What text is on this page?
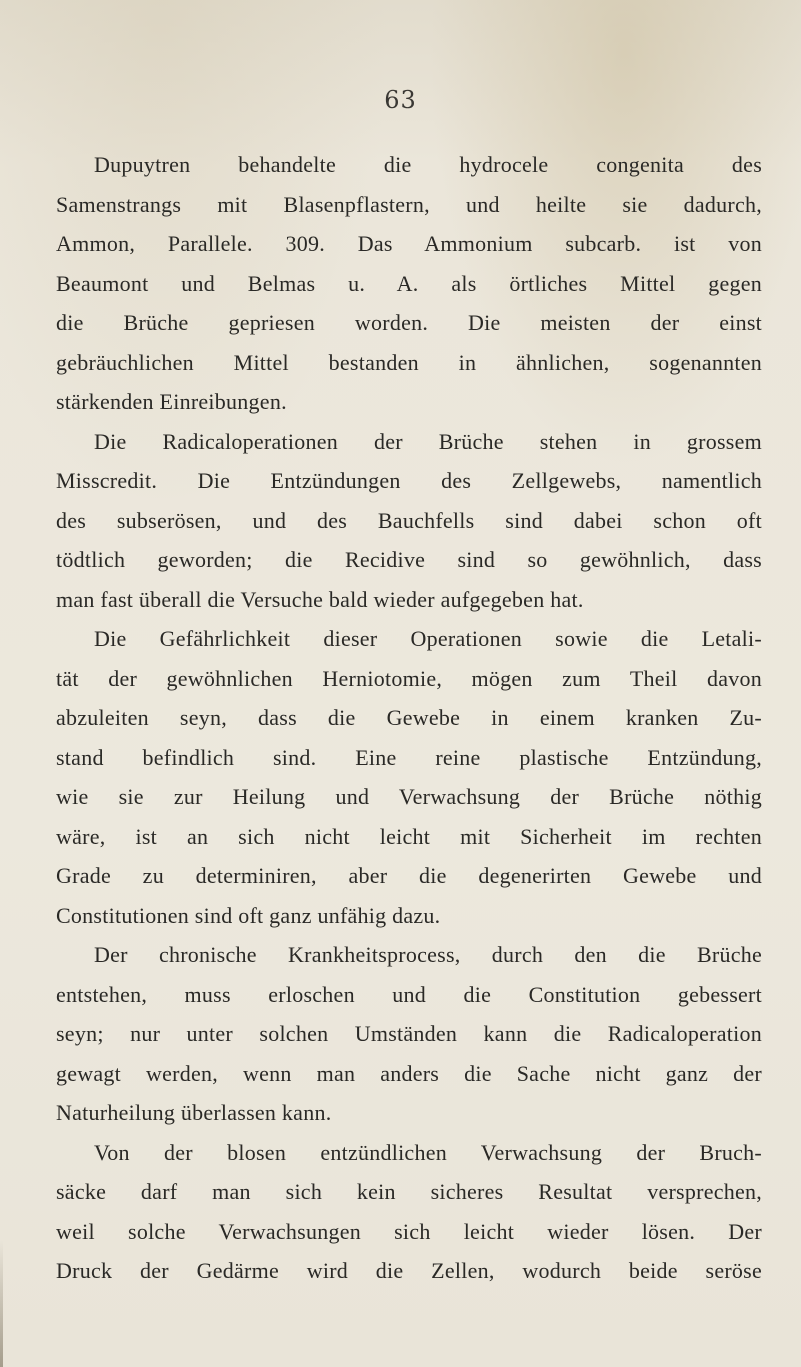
63
Dupuytren behandelte die hydrocele congenita des
Samenstrangs mit Blasenpflastern, und heilte sie dadurch,
Ammon, Parallele. 309. Das Ammonium subcarb. ist von
Beaumont und Belmas u. A. als örtliches Mittel gegen
die Brüche gepriesen worden. Die meisten der einst
gebräuchlichen Mittel bestanden in ähnlichen, sogenannten
stärkenden Einreibungen.
Die Radicaloperationen der Brüche stehen in grossem
Misscredit. Die Entzündungen des Zellgewebs, namentlich
des subserösen, und des Bauchfells sind dabei schon oft
tödtlich geworden; die Recidive sind so gewöhnlich, dass
man fast überall die Versuche bald wieder aufgegeben hat.
Die Gefährlichkeit dieser Operationen sowie die Letali-
tät der gewöhnlichen Herniotomie, mögen zum Theil davon
abzuleiten seyn, dass die Gewebe in einem kranken Zu-
stand befindlich sind. Eine reine plastische Entzündung,
wie sie zur Heilung und Verwachsung der Brüche nöthig
wäre, ist an sich nicht leicht mit Sicherheit im rechten
Grade zu determiniren, aber die degenerirten Gewebe und
Constitutionen sind oft ganz unfähig dazu.
Der chronische Krankheitsprocess, durch den die Brüche
entstehen, muss erloschen und die Constitution gebessert
seyn; nur unter solchen Umständen kann die Radicaloperation
gewagt werden, wenn man anders die Sache nicht ganz der
Naturheilung überlassen kann.
Von der blosen entzündlichen Verwachsung der Bruch-
säcke darf man sich kein sicheres Resultat versprechen,
weil solche Verwachsungen sich leicht wieder lösen. Der
Druck der Gedärme wird die Zellen, wodurch beide seröse
